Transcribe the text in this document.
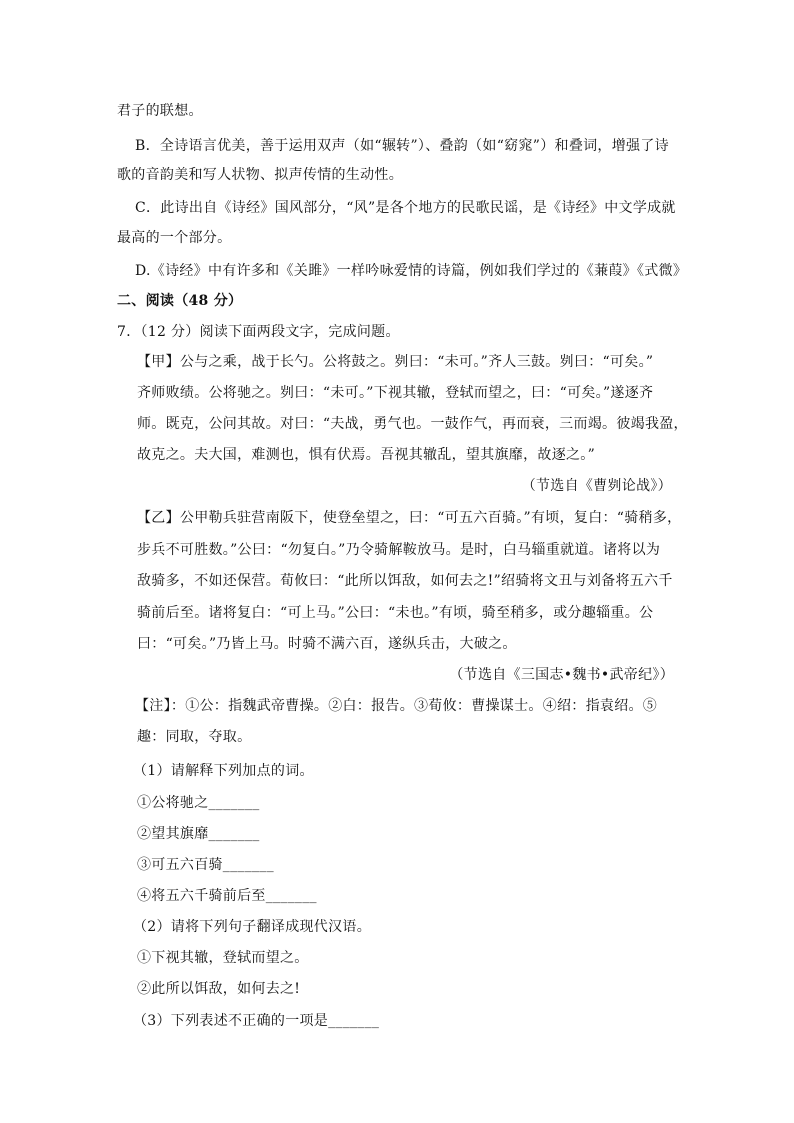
君子的联想。
B．全诗语言优美，善于运用双声（如“辗转”）、叠韵（如“窈窕”）和叠词，增强了诗
歌的音韵美和写人状物、拟声传情的生动性。
C．此诗出自《诗经》国风部分，“风”是各个地方的民歌民谣，是《诗经》中文学成就
最高的一个部分。
D.《诗经》中有许多和《关雎》一样吟咏爱情的诗篇，例如我们学过的《蒹葭》《式微》
二、阅读（48 分）
7．（12 分）阅读下面两段文字，完成问题。
【甲】公与之乘，战于长勺。公将鼓之。刿曰：“未可。”齐人三鼓。刿曰：“可矣。”
齐师败绩。公将驰之。刿曰：“未可。”下视其辙，登轼而望之，曰：“可矣。”遂逐齐
师。既克，公问其故。对曰：“夫战，勇气也。一鼓作气，再而衰，三而竭。彼竭我盈，
故克之。夫大国，难测也，惧有伏焉。吾视其辙乱，望其旗靡，故逐之。”
（节选自《曹刿论战》）
【乙】公甲勒兵驻营南阪下，使登垒望之，曰：“可五六百骑。”有顷，复白：“骑稍多，
步兵不可胜数。”公曰：“勿复白。”乃令骑解鞍放马。是时，白马辎重就道。诸将以为
敌骑多，不如还保营。荀攸曰：“此所以饵敌，如何去之!”绍骑将文丑与刘备将五六千
骑前后至。诸将复白：“可上马。”公曰：“未也。”有顷，骑至稍多，或分趣辎重。公
曰：“可矣。”乃皆上马。时骑不满六百，遂纵兵击，大破之。
（节选自《三国志•魏书•武帝纪》）
【注】：①公：指魏武帝曹操。②白：报告。③荀攸：曹操谋士。④绍：指袁绍。⑤
趣：同取，夺取。
（1）请解释下列加点的词。
①公将驰之_______
②望其旗靡_______
③可五六百骑_______
④将五六千骑前后至_______
（2）请将下列句子翻译成现代汉语。
①下视其辙，登轼而望之。
②此所以饵敌，如何去之!
（3）下列表述不正确的一项是_______
